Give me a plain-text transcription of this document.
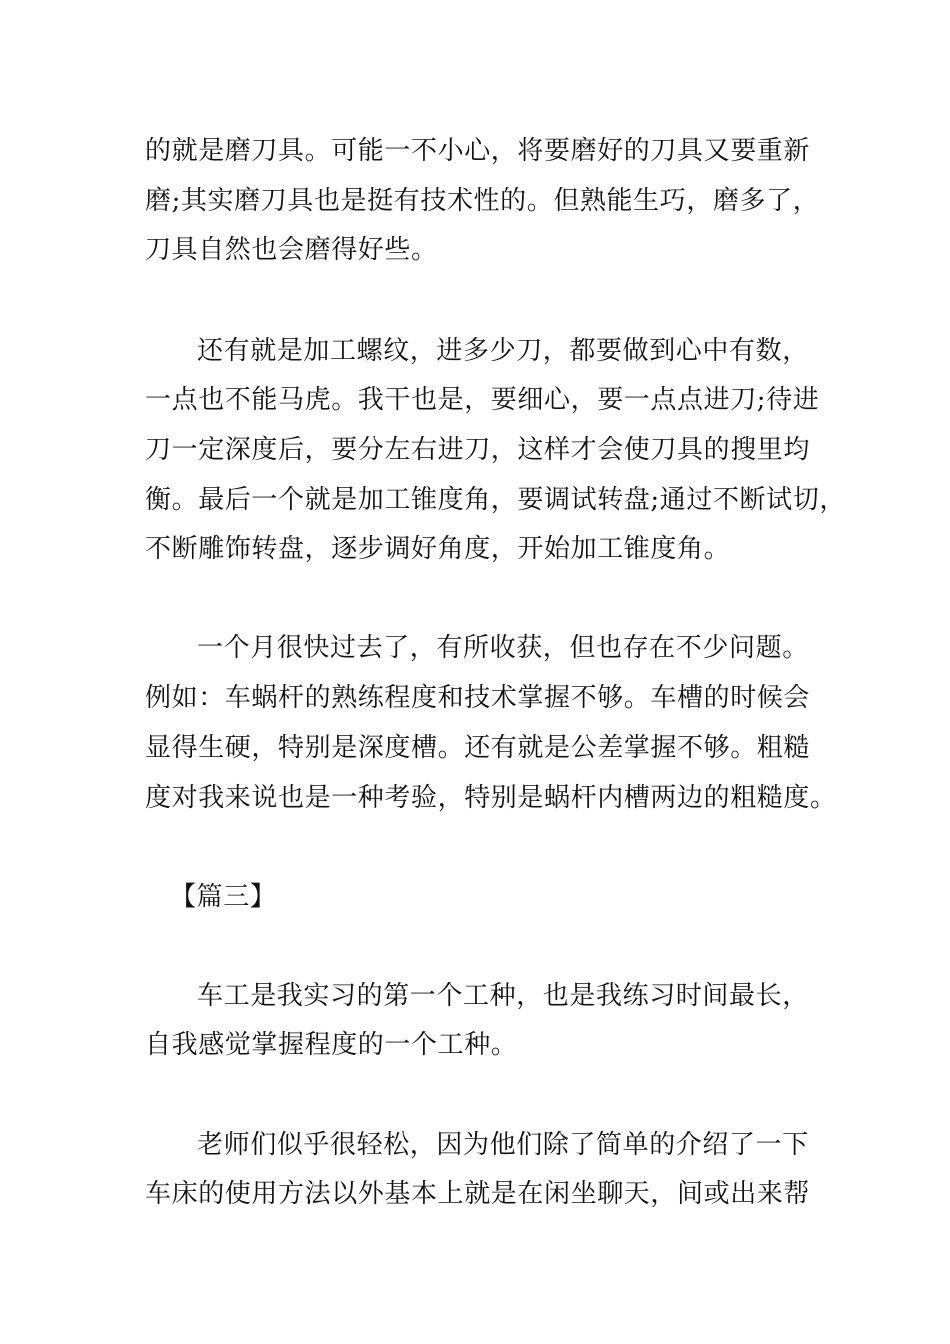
的就是磨刀具。可能一不小心，将要磨好的刀具又要重新
磨;其实磨刀具也是挺有技术性的。但熟能生巧，磨多了，
刀具自然也会磨得好些。
还有就是加工螺纹，进多少刀，都要做到心中有数，
一点也不能马虎。我干也是，要细心，要一点点进刀;待进
刀一定深度后，要分左右进刀，这样才会使刀具的搜里均
衡。最后一个就是加工锥度角，要调试转盘;通过不断试切，
不断雕饰转盘，逐步调好角度，开始加工锥度角。
一个月很快过去了，有所收获，但也存在不少问题。
例如：车蜗杆的熟练程度和技术掌握不够。车槽的时候会
显得生硬，特别是深度槽。还有就是公差掌握不够。粗糙
度对我来说也是一种考验，特别是蜗杆内槽两边的粗糙度。
【篇三】
车工是我实习的第一个工种，也是我练习时间最长，
自我感觉掌握程度的一个工种。
老师们似乎很轻松，因为他们除了简单的介绍了一下
车床的使用方法以外基本上就是在闲坐聊天，间或出来帮
